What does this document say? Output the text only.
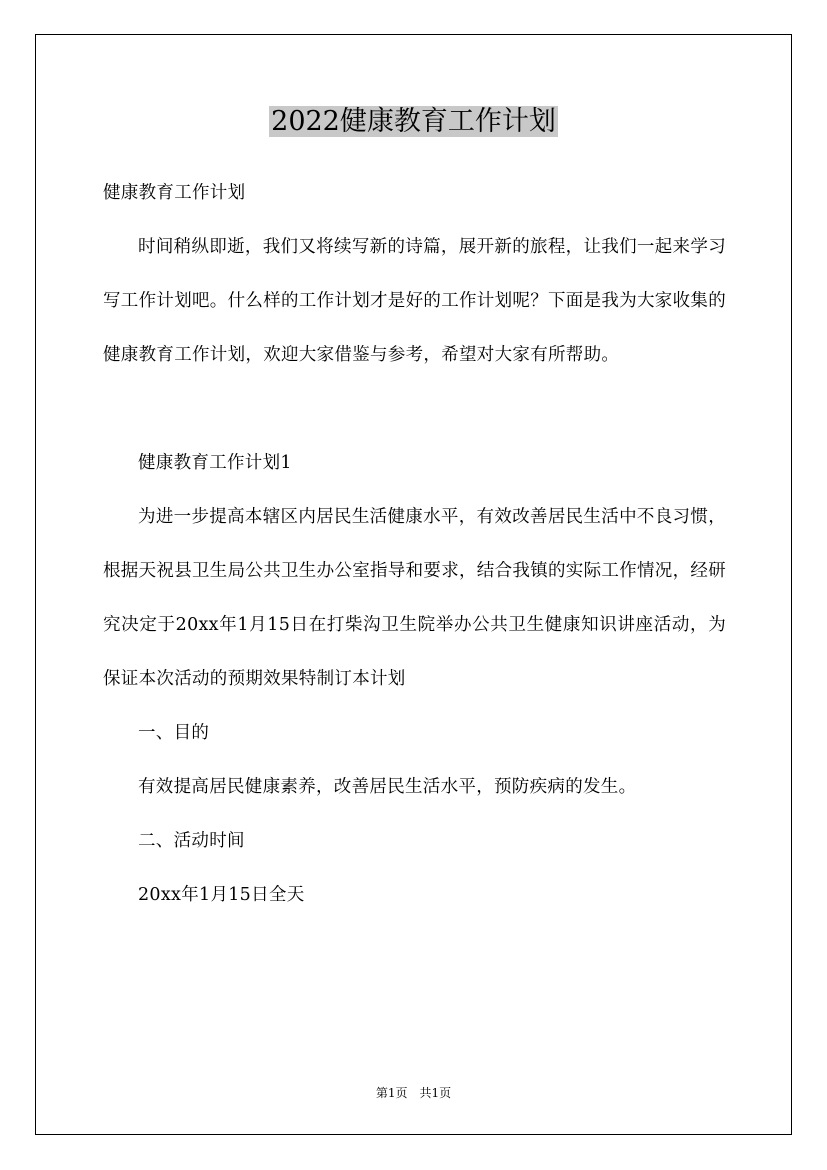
2022健康教育工作计划

健康教育工作计划

时间稍纵即逝，我们又将续写新的诗篇，展开新的旅程，让我们一起来学习写工作计划吧。什么样的工作计划才是好的工作计划呢？下面是我为大家收集的健康教育工作计划，欢迎大家借鉴与参考，希望对大家有所帮助。

健康教育工作计划1

为进一步提高本辖区内居民生活健康水平，有效改善居民生活中不良习惯，根据天祝县卫生局公共卫生办公室指导和要求，结合我镇的实际工作情况，经研究决定于20xx年1月15日在打柴沟卫生院举办公共卫生健康知识讲座活动，为保证本次活动的预期效果特制订本计划

一、目的

有效提高居民健康素养，改善居民生活水平，预防疾病的发生。

二、活动时间

20xx年1月15日全天

第1页　共1页
